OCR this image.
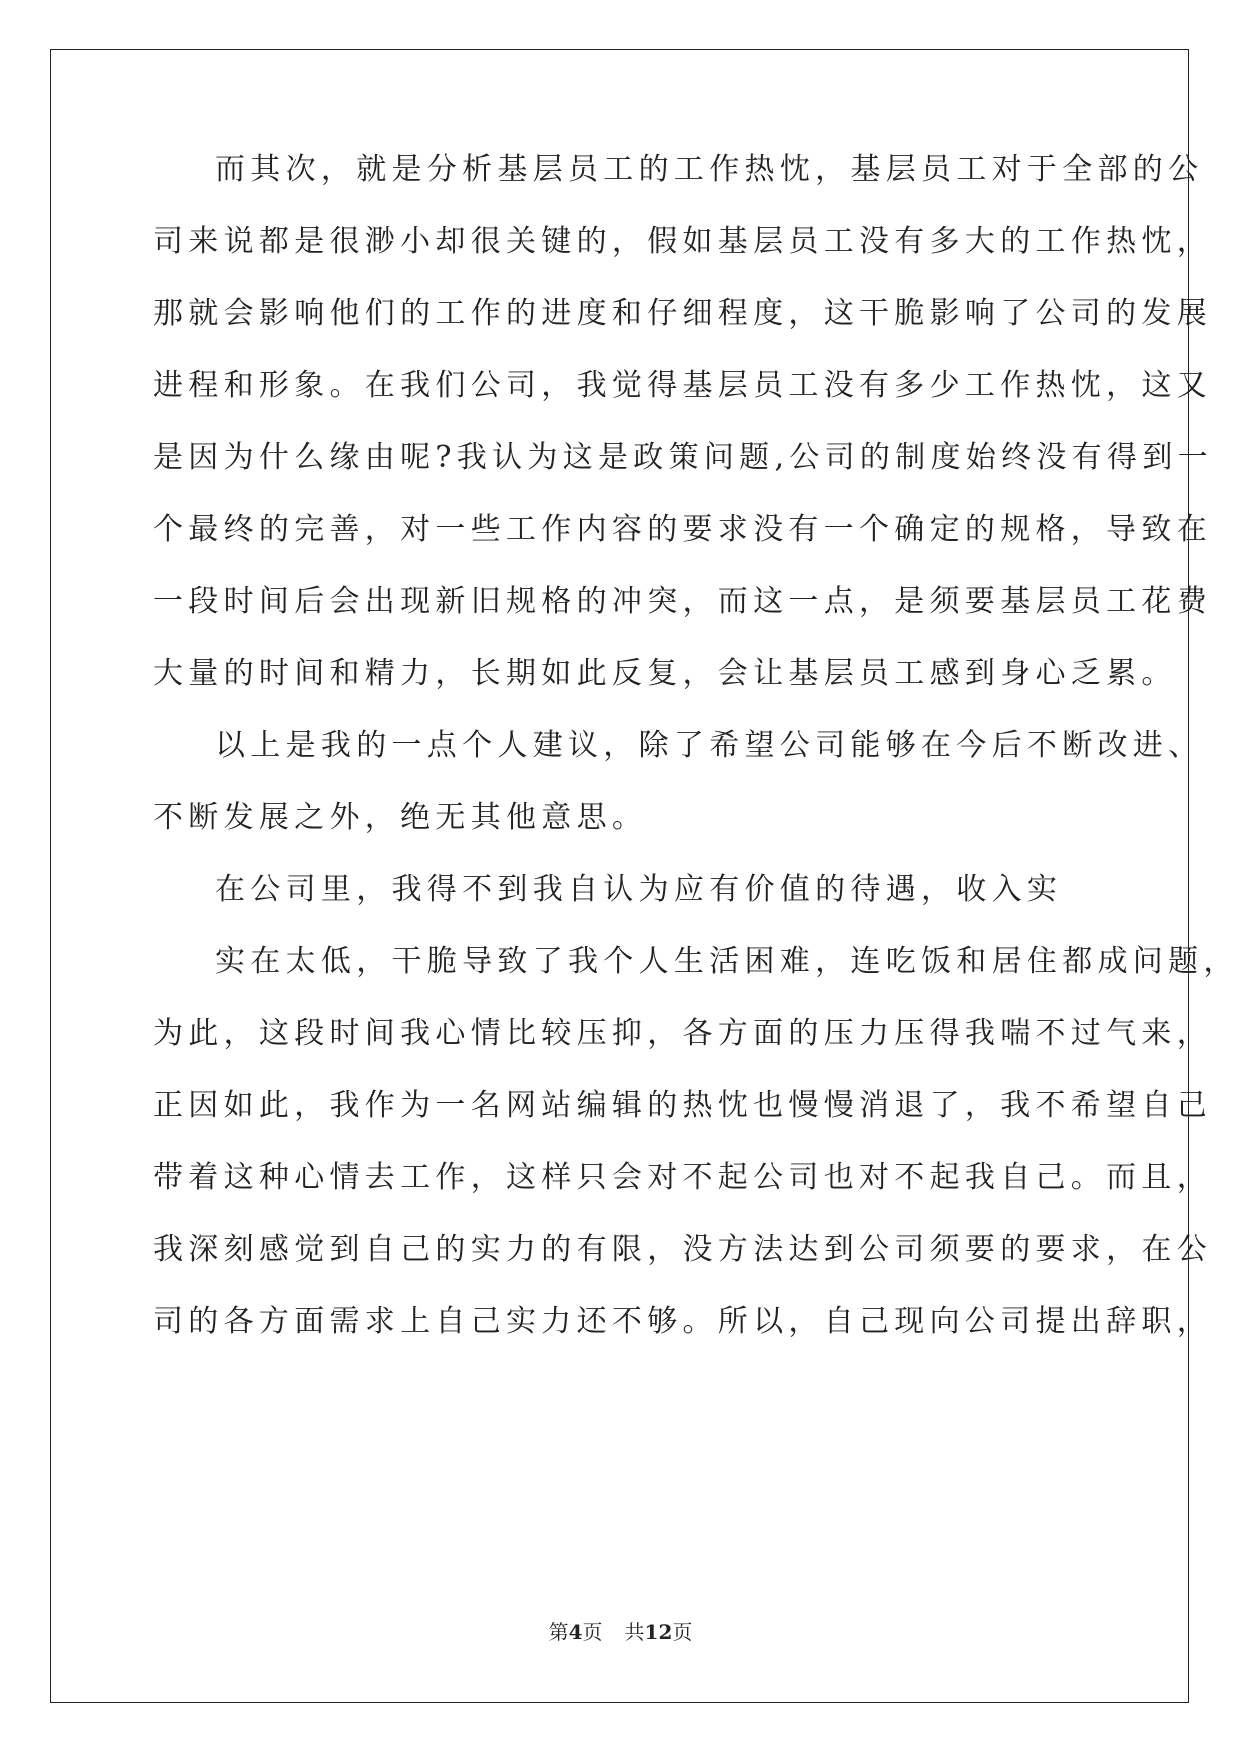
而其次，就是分析基层员工的工作热忱，基层员工对于全部的公
司来说都是很渺小却很关键的，假如基层员工没有多大的工作热忱，
那就会影响他们的工作的进度和仔细程度，这干脆影响了公司的发展
进程和形象。在我们公司，我觉得基层员工没有多少工作热忱，这又
是因为什么缘由呢?我认为这是政策问题,公司的制度始终没有得到一
个最终的完善，对一些工作内容的要求没有一个确定的规格，导致在
一段时间后会出现新旧规格的冲突，而这一点，是须要基层员工花费
大量的时间和精力，长期如此反复，会让基层员工感到身心乏累。
以上是我的一点个人建议，除了希望公司能够在今后不断改进、
不断发展之外，绝无其他意思。
在公司里，我得不到我自认为应有价值的待遇，收入实
实在太低，干脆导致了我个人生活困难，连吃饭和居住都成问题，
为此，这段时间我心情比较压抑，各方面的压力压得我喘不过气来，
正因如此，我作为一名网站编辑的热忱也慢慢消退了，我不希望自己
带着这种心情去工作，这样只会对不起公司也对不起我自己。而且，
我深刻感觉到自己的实力的有限，没方法达到公司须要的要求，在公
司的各方面需求上自己实力还不够。所以，自己现向公司提出辞职，
第4页 共12页
